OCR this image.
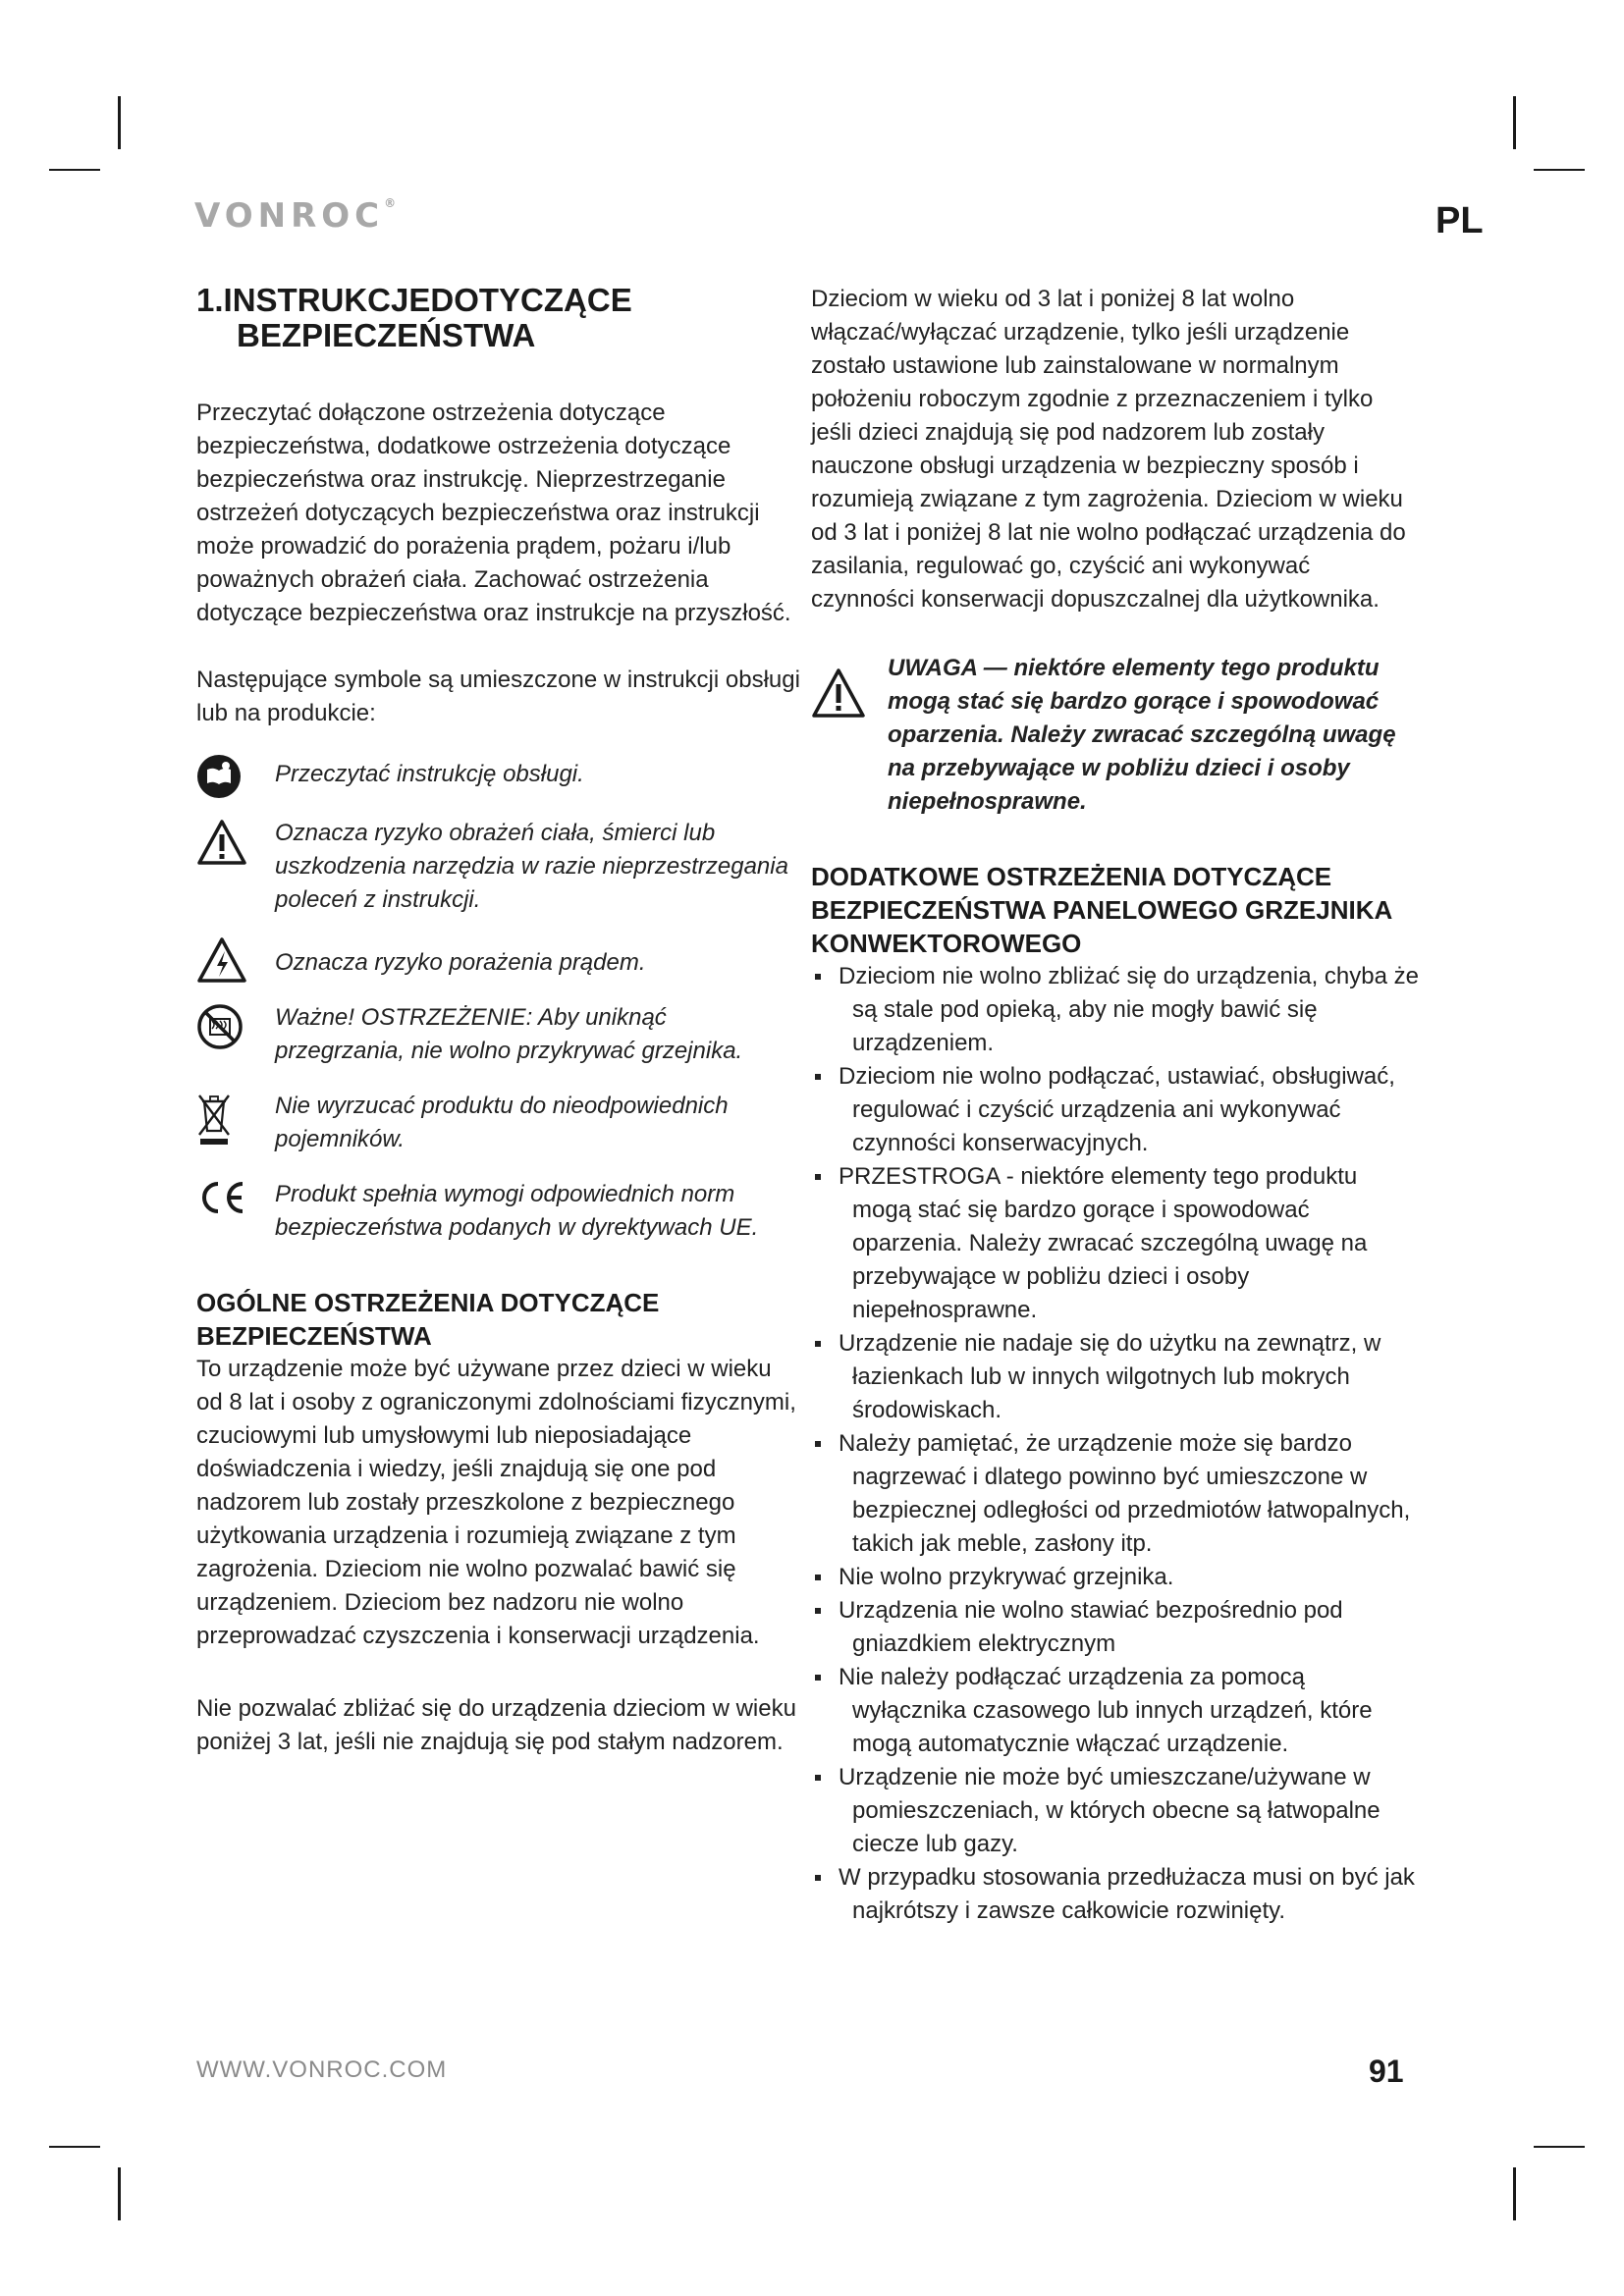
VONROC®	PL
1.INSTRUKCJEDOTYCZĄCE
BEZPIECZEŃSTWA

Przeczytać dołączone ostrzeżenia dotyczące bezpieczeństwa, dodatkowe ostrzeżenia dotyczące bezpieczeństwa oraz instrukcję. Nieprzestrzeganie ostrzeżeń dotyczących bezpieczeństwa oraz instrukcji może prowadzić do porażenia prądem, pożaru i/lub poważnych obrażeń ciała. Zachować ostrzeżenia dotyczące bezpieczeństwa oraz instrukcje na przyszłość.

Następujące symbole są umieszczone w instrukcji obsługi lub na produkcie:

Przeczytać instrukcję obsługi.
Oznacza ryzyko obrażeń ciała, śmierci lub uszkodzenia narzędzia w razie nieprzestrzegania poleceń z instrukcji.
Oznacza ryzyko porażenia prądem.
Ważne! OSTRZEŻENIE: Aby uniknąć przegrzania, nie wolno przykrywać grzejnika.
Nie wyrzucać produktu do nieodpowiednich pojemników.
Produkt spełnia wymogi odpowiednich norm bezpieczeństwa podanych w dyrektywach UE.
OGÓLNE OSTRZEŻENIA DOTYCZĄCE BEZPIECZEŃSTWA

To urządzenie może być używane przez dzieci w wieku od 8 lat i osoby z ograniczonymi zdolnościami fizycznymi, czuciowymi lub umysłowymi lub nieposiadające doświadczenia i wiedzy, jeśli znajdują się one pod nadzorem lub zostały przeszkolone z bezpiecznego użytkowania urządzenia i rozumieją związane z tym zagrożenia. Dzieciom nie wolno pozwalać bawić się urządzeniem. Dzieciom bez nadzoru nie wolno przeprowadzać czyszczenia i konserwacji urządzenia.

Nie pozwalać zbliżać się do urządzenia dzieciom w wieku poniżej 3 lat, jeśli nie znajdują się pod stałym nadzorem.

Dzieciom w wieku od 3 lat i poniżej 8 lat wolno włączać/wyłączać urządzenie, tylko jeśli urządzenie zostało ustawione lub zainstalowane w normalnym położeniu roboczym zgodnie z przeznaczeniem i tylko jeśli dzieci znajdują się pod nadzorem lub zostały nauczone obsługi urządzenia w bezpieczny sposób i rozumieją związane z tym zagrożenia. Dzieciom w wieku od 3 lat i poniżej 8 lat nie wolno podłączać urządzenia do zasilania, regulować go, czyścić ani wykonywać czynności konserwacji dopuszczalnej dla użytkownika.

UWAGA — niektóre elementy tego produktu mogą stać się bardzo gorące i spowodować oparzenia. Należy zwracać szczególną uwagę na przebywające w pobliżu dzieci i osoby niepełnosprawne.
DODATKOWE OSTRZEŻENIA DOTYCZĄCE BEZPIECZEŃSTWA PANELOWEGO GRZEJNIKA KONWEKTOROWEGO
Dzieciom nie wolno zbliżać się do urządzenia, chyba że są stale pod opieką, aby nie mogły bawić się urządzeniem.
Dzieciom nie wolno podłączać, ustawiać, obsługiwać, regulować i czyścić urządzenia ani wykonywać czynności konserwacyjnych.
PRZESTROGA - niektóre elementy tego produktu mogą stać się bardzo gorące i spowodować oparzenia. Należy zwracać szczególną uwagę na przebywające w pobliżu dzieci i osoby niepełnosprawne.
Urządzenie nie nadaje się do użytku na zewnątrz, w łazienkach lub w innych wilgotnych lub mokrych środowiskach.
Należy pamiętać, że urządzenie może się bardzo nagrzewać i dlatego powinno być umieszczone w bezpiecznej odległości od przedmiotów łatwopalnych, takich jak meble, zasłony itp.
Nie wolno przykrywać grzejnika.
Urządzenia nie wolno stawiać bezpośrednio pod gniazdkiem elektrycznym
Nie należy podłączać urządzenia za pomocą wyłącznika czasowego lub innych urządzeń, które mogą automatycznie włączać urządzenie.
Urządzenie nie może być umieszczane/używane w pomieszczeniach, w których obecne są łatwopalne ciecze lub gazy.
W przypadku stosowania przedłużacza musi on być jak najkrótszy i zawsze całkowicie rozwinięty.
WWW.VONROC.COM	91
